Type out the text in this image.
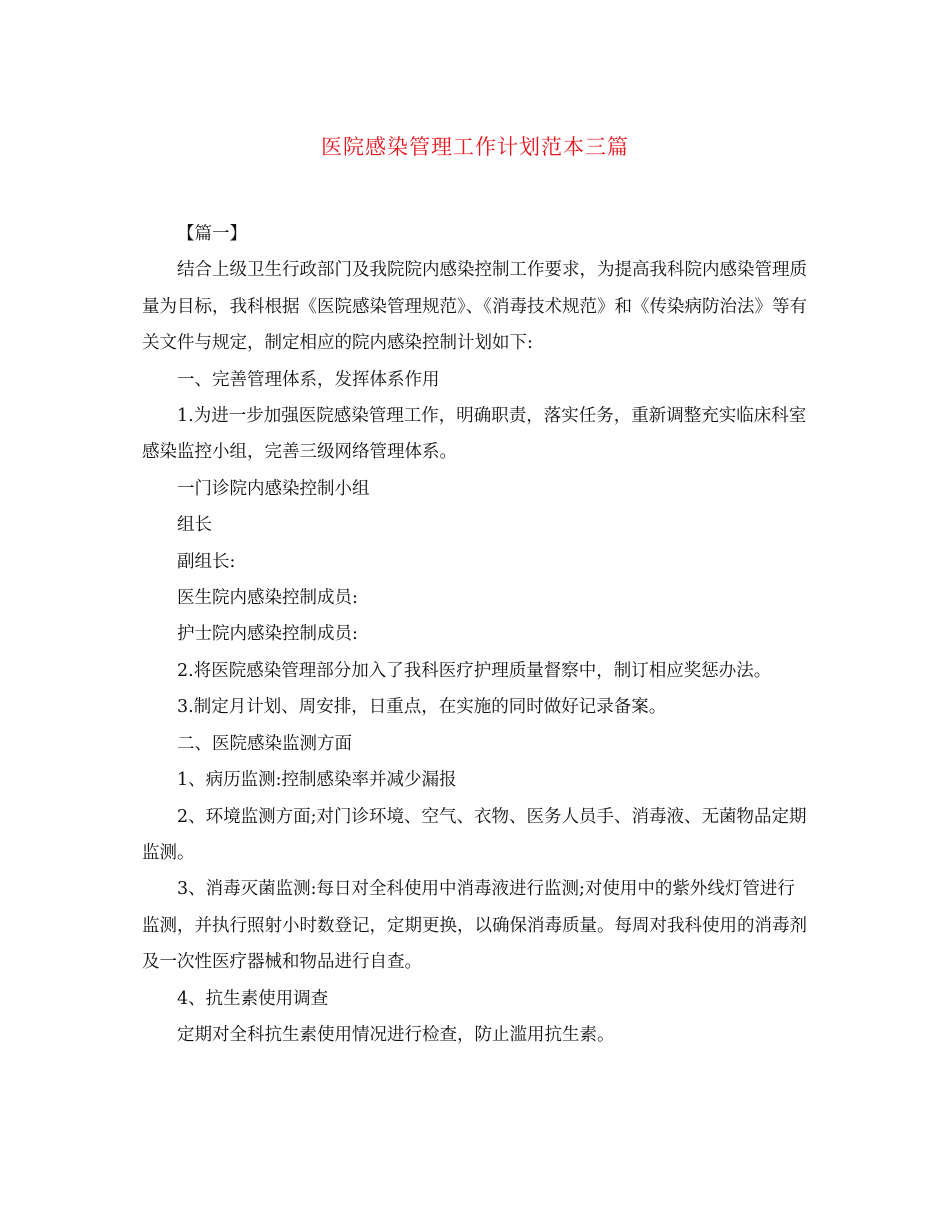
医院感染管理工作计划范本三篇

【篇一】

结合上级卫生行政部门及我院院内感染控制工作要求，为提高我科院内感染管理质量为目标，我科根据《医院感染管理规范》、《消毒技术规范》和《传染病防治法》等有关文件与规定，制定相应的院内感染控制计划如下:

一、完善管理体系，发挥体系作用

1.为进一步加强医院感染管理工作，明确职责，落实任务，重新调整充实临床科室感染监控小组，完善三级网络管理体系。

一门诊院内感染控制小组

组长

副组长:

医生院内感染控制成员:

护士院内感染控制成员:

2.将医院感染管理部分加入了我科医疗护理质量督察中，制订相应奖惩办法。

3.制定月计划、周安排，日重点，在实施的同时做好记录备案。

二、医院感染监测方面

1、病历监测:控制感染率并减少漏报

2、环境监测方面;对门诊环境、空气、衣物、医务人员手、消毒液、无菌物品定期监测。

3、消毒灭菌监测:每日对全科使用中消毒液进行监测;对使用中的紫外线灯管进行监测，并执行照射小时数登记，定期更换，以确保消毒质量。每周对我科使用的消毒剂及一次性医疗器械和物品进行自查。

4、抗生素使用调查

定期对全科抗生素使用情况进行检查，防止滥用抗生素。
